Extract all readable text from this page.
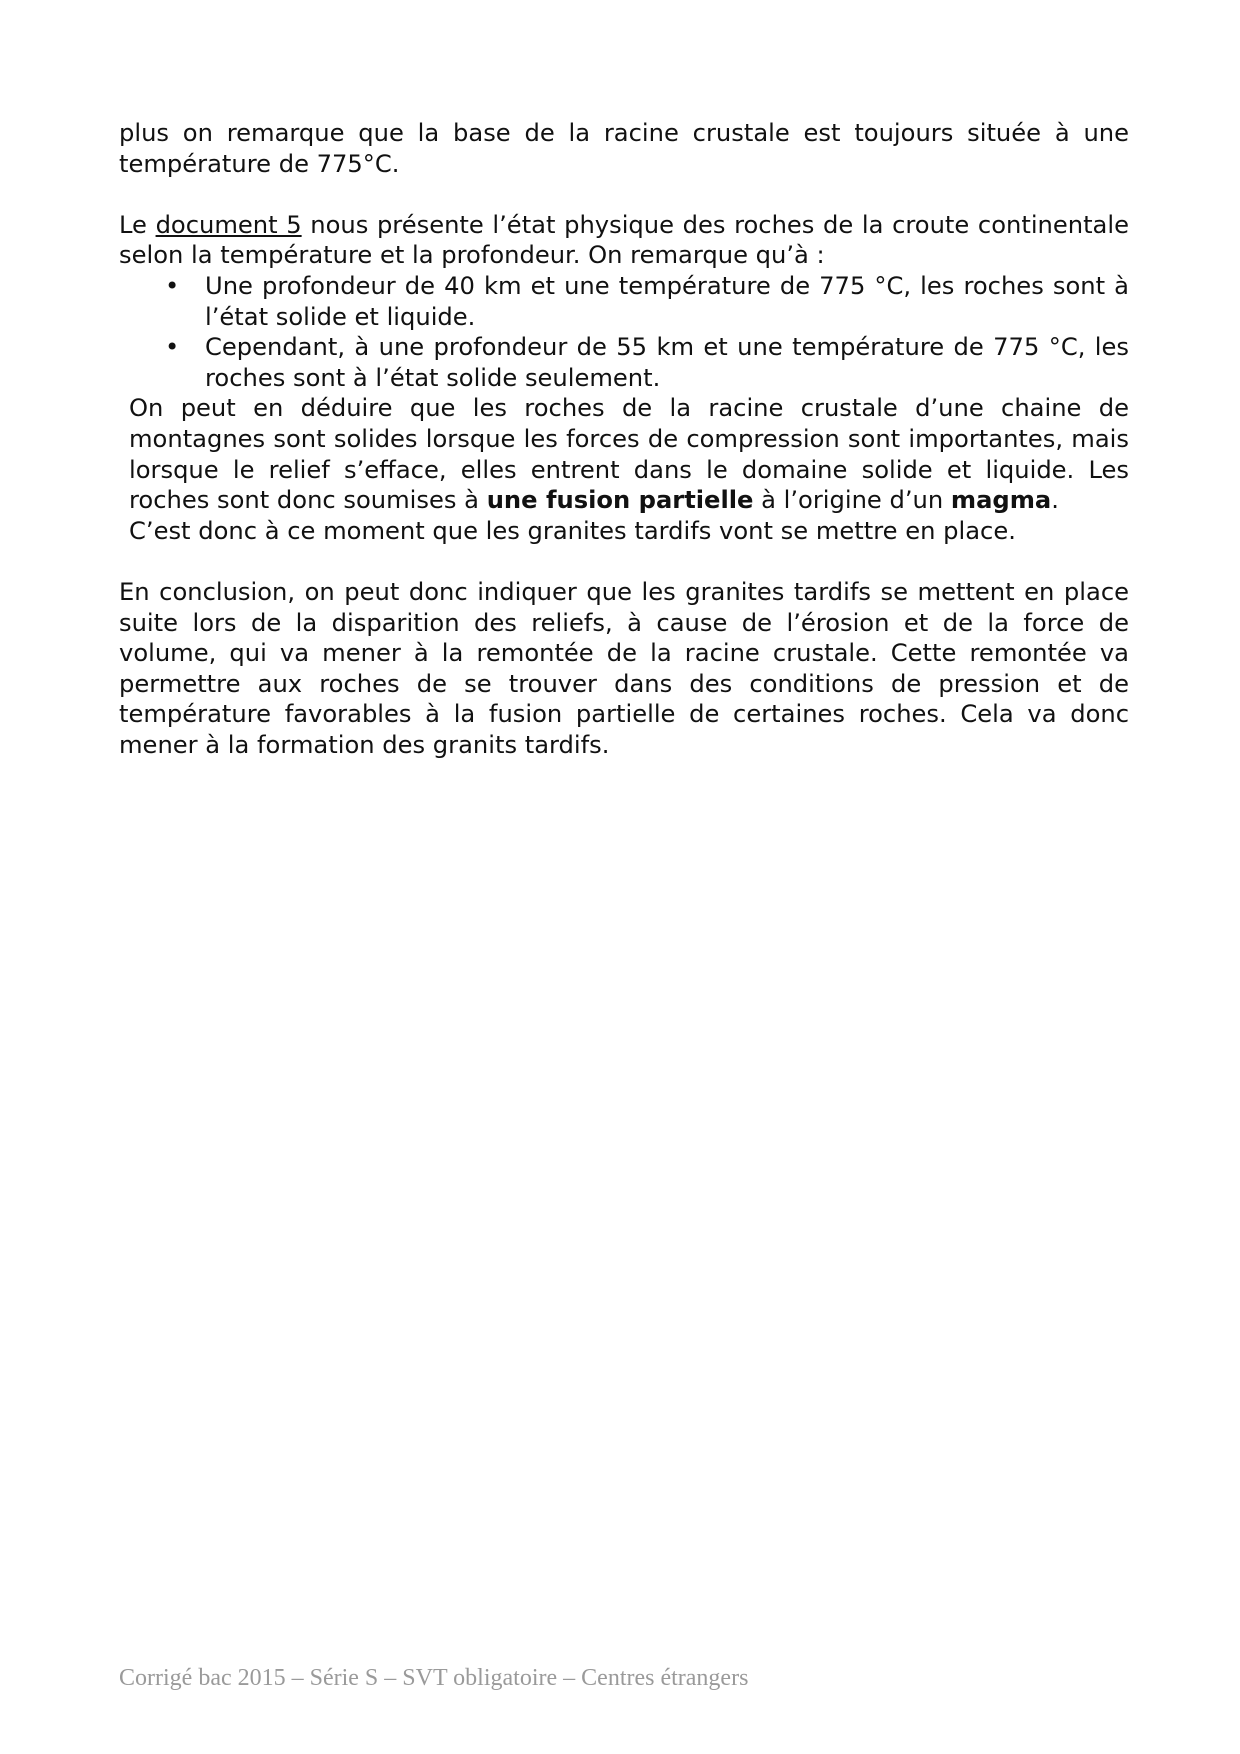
plus on remarque que la base de la racine crustale est toujours située à une température de 775°C.

Le document 5 nous présente l’état physique des roches de la croute continentale selon la température et la profondeur. On remarque qu’à :

• Une profondeur de 40 km et une température de 775 °C, les roches sont à l’état solide et liquide.
• Cependant, à une profondeur de 55 km et une température de 775 °C, les roches sont à l’état solide seulement.

On peut en déduire que les roches de la racine crustale d’une chaine de montagnes sont solides lorsque les forces de compression sont importantes, mais lorsque le relief s’efface, elles entrent dans le domaine solide et liquide. Les roches sont donc soumises à une fusion partielle à l’origine d’un magma.

C’est donc à ce moment que les granites tardifs vont se mettre en place.

En conclusion, on peut donc indiquer que les granites tardifs se mettent en place suite lors de la disparition des reliefs, à cause de l’érosion et de la force de volume, qui va mener à la remontée de la racine crustale. Cette remontée va permettre aux roches de se trouver dans des conditions de pression et de température favorables à la fusion partielle de certaines roches. Cela va donc mener à la formation des granits tardifs.

Corrigé bac 2015 – Série S – SVT obligatoire – Centres étrangers
